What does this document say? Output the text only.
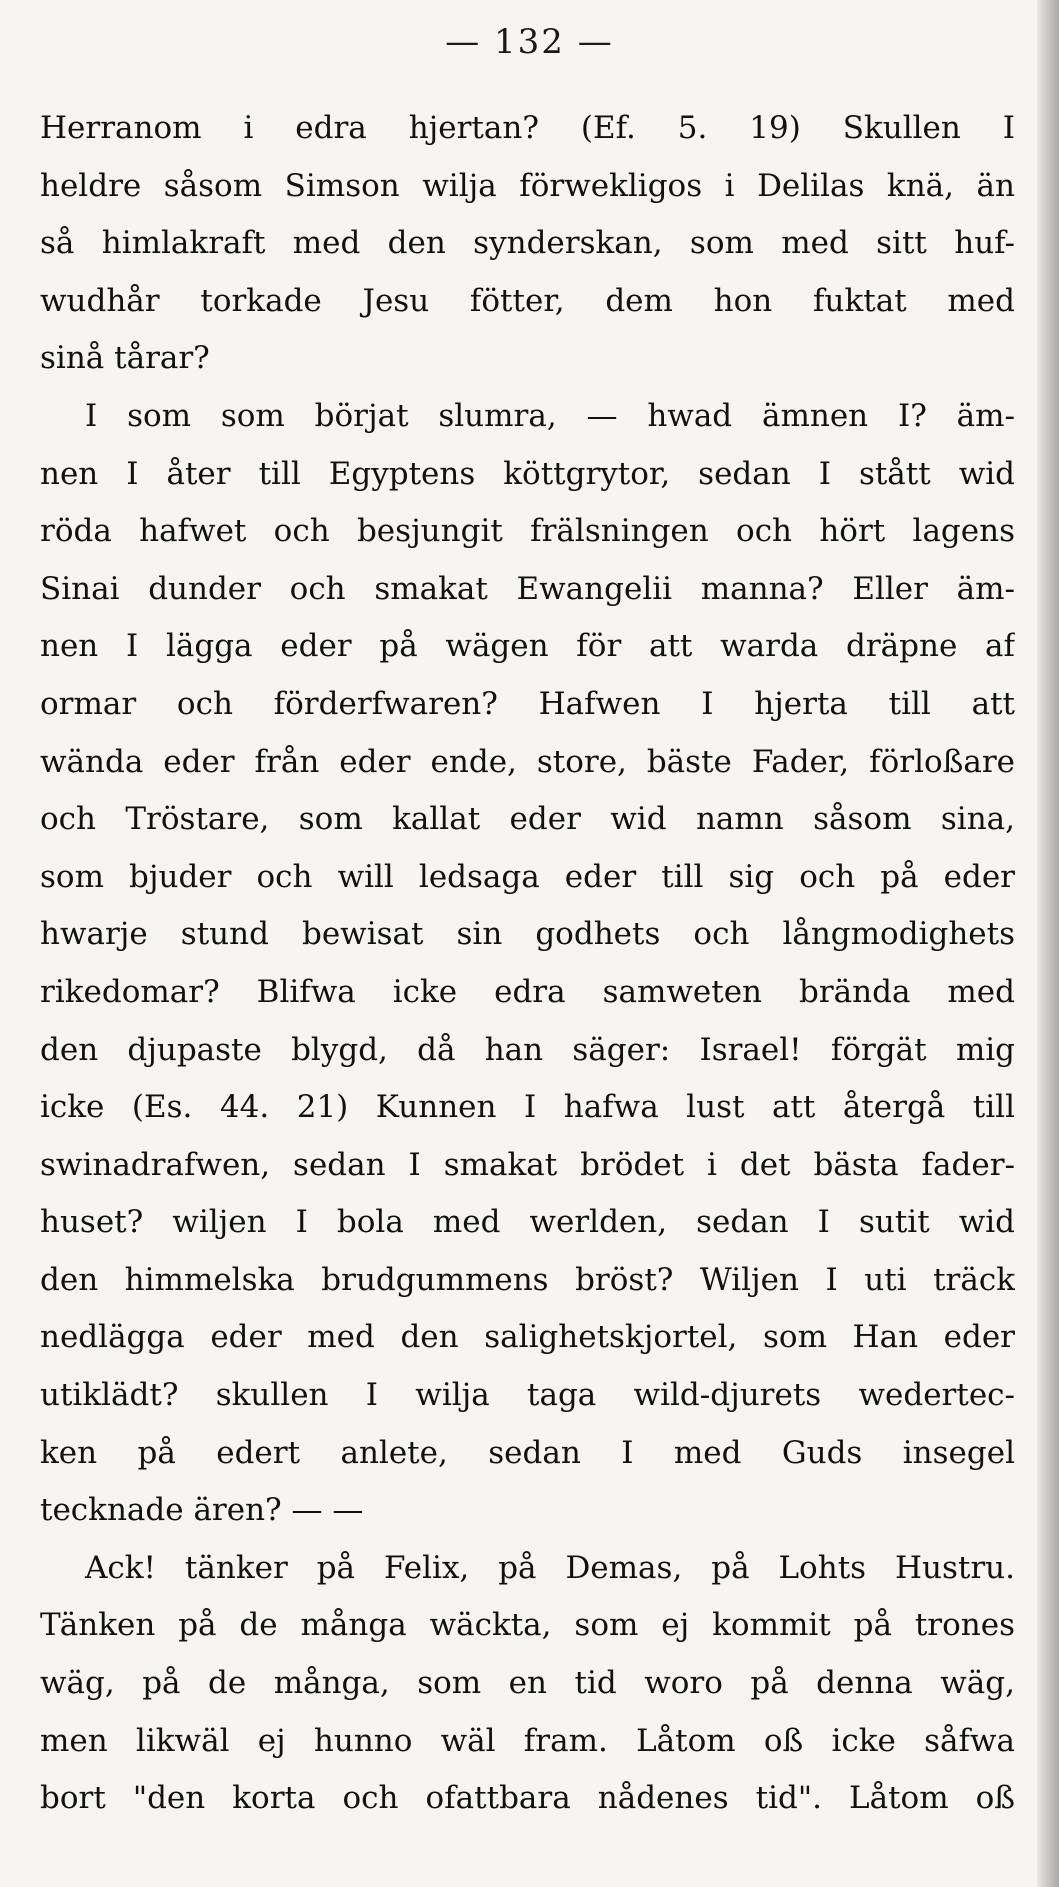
— 132 —
Herranom i edra hjertan? (Ef. 5. 19) Skullen I
heldre såsom Simson wilja förwekligos i Delilas knä, än
så himlakraft med den synderskan, som med sitt huf-
wudhår torkade Jesu fötter, dem hon fuktat med
sinå tårar?
I som som börjat slumra, — hwad ämnen I? äm-
nen I åter till Egyptens köttgrytor, sedan I stått wid
röda hafwet och besjungit frälsningen och hört lagens
Sinai dunder och smakat Ewangelii manna? Eller äm-
nen I lägga eder på wägen för att warda dräpne af
ormar och förderfwaren? Hafwen I hjerta till att
wända eder från eder ende, store, bäste Fader, förloßare
och Tröstare, som kallat eder wid namn såsom sina,
som bjuder och will ledsaga eder till sig och på eder
hwarje stund bewisat sin godhets och långmodighets
rikedomar? Blifwa icke edra samweten brända med
den djupaste blygd, då han säger: Israel! förgät mig
icke (Es. 44. 21) Kunnen I hafwa lust att återgå till
swinadrafwen, sedan I smakat brödet i det bästa fader-
huset? wiljen I bola med werlden, sedan I sutit wid
den himmelska brudgummens bröst? Wiljen I uti träck
nedlägga eder med den salighetskjortel, som Han eder
utiklädt? skullen I wilja taga wild-djurets wedertec-
ken på edert anlete, sedan I med Guds insegel
tecknade ären? — —
Ack! tänker på Felix, på Demas, på Lohts Hustru.
Tänken på de många wäckta, som ej kommit på trones
wäg, på de många, som en tid woro på denna wäg,
men likwäl ej hunno wäl fram. Låtom oß icke såfwa
bort "den korta och ofattbara nådenes tid". Låtom oß
